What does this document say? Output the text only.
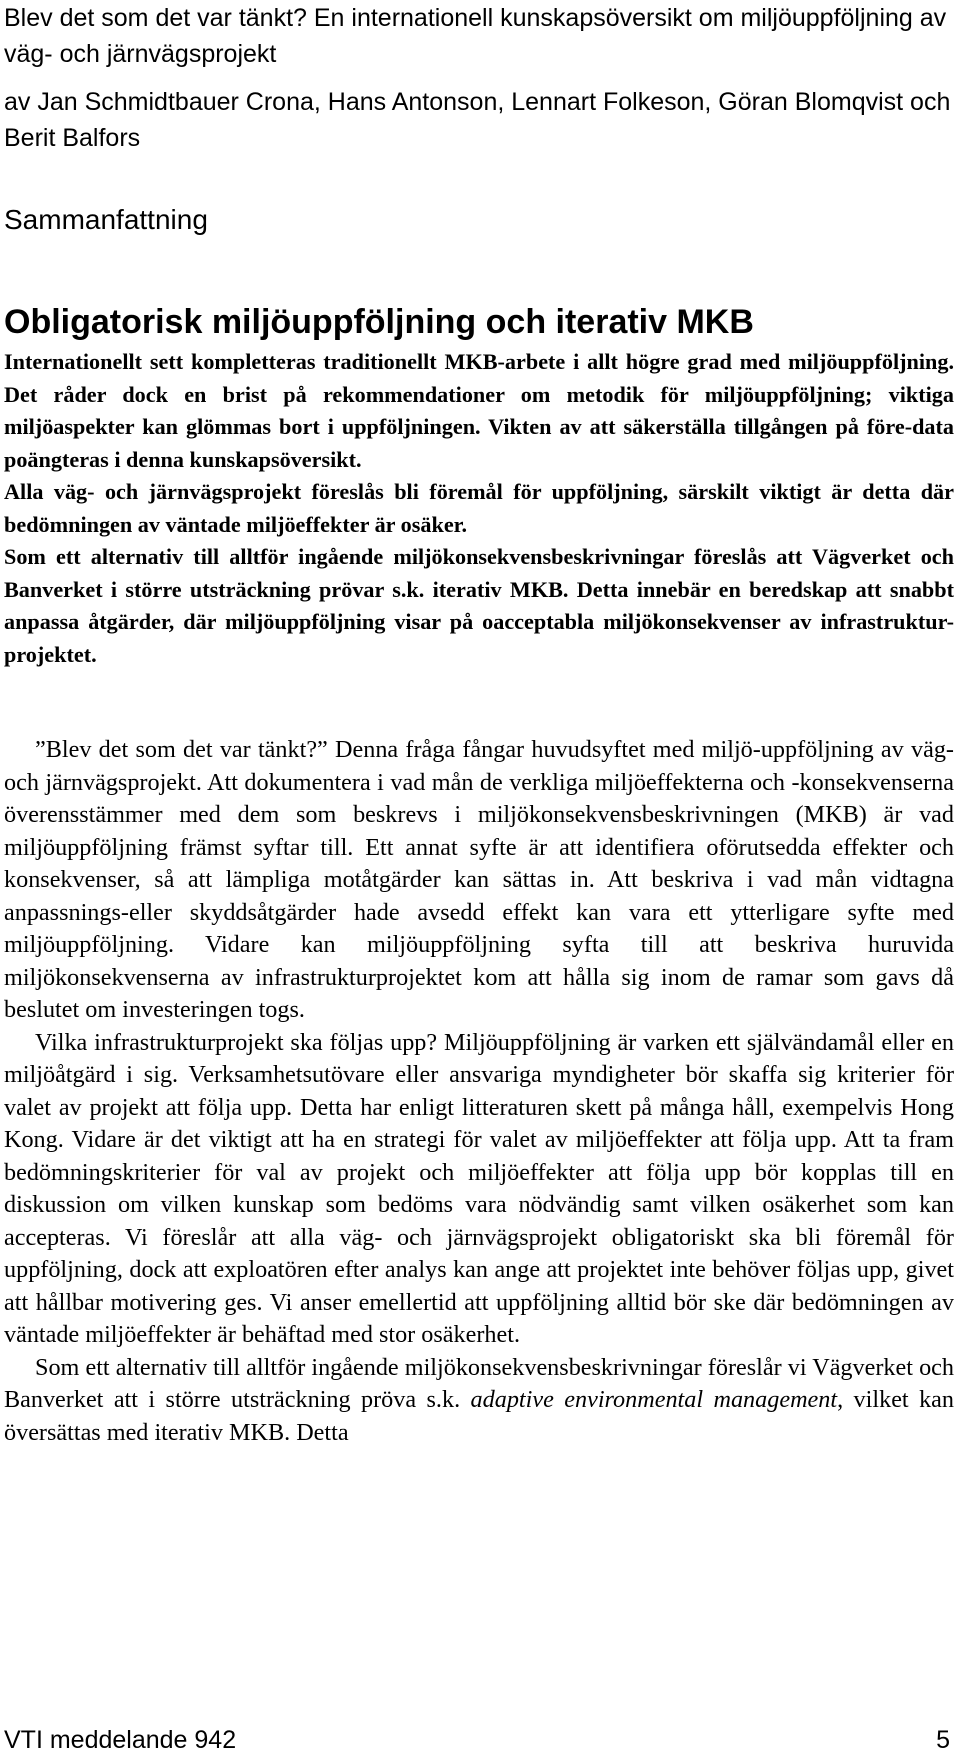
Blev det som det var tänkt? En internationell kunskapsöversikt om miljöuppföljning av väg- och järnvägsprojekt
av Jan Schmidtbauer Crona, Hans Antonson, Lennart Folkeson, Göran Blomqvist och Berit Balfors
Sammanfattning
Obligatorisk miljöuppföljning och iterativ MKB

Internationellt sett kompletteras traditionellt MKB-arbete i allt högre grad med miljöuppföljning. Det råder dock en brist på rekommendationer om metodik för miljöuppföljning; viktiga miljöaspekter kan glömmas bort i uppföljningen. Vikten av att säkerställa tillgången på före-data poängteras i denna kunskapsöversikt.

Alla väg- och järnvägsprojekt föreslås bli föremål för uppföljning, särskilt viktigt är detta där bedömningen av väntade miljöeffekter är osäker.

Som ett alternativ till alltför ingående miljökonsekvensbeskrivningar föreslås att Vägverket och Banverket i större utsträckning prövar s.k. iterativ MKB. Detta innebär en beredskap att snabbt anpassa åtgärder, där miljöuppföljning visar på oacceptabla miljökonsekvenser av infrastruktur-projektet.

”Blev det som det var tänkt?” Denna fråga fångar huvudsyftet med miljö-uppföljning av väg- och järnvägsprojekt. Att dokumentera i vad mån de verkliga miljöeffekterna och -konsekvenserna överensstämmer med dem som beskrevs i miljökonsekvensbeskrivningen (MKB) är vad miljöuppföljning främst syftar till. Ett annat syfte är att identifiera oförutsedda effekter och konsekvenser, så att lämpliga motåtgärder kan sättas in. Att beskriva i vad mån vidtagna anpassnings-eller skyddsåtgärder hade avsedd effekt kan vara ett ytterligare syfte med miljöuppföljning. Vidare kan miljöuppföljning syfta till att beskriva huruvida miljökonsekvenserna av infrastrukturprojektet kom att hålla sig inom de ramar som gavs då beslutet om investeringen togs.

Vilka infrastrukturprojekt ska följas upp? Miljöuppföljning är varken ett självändamål eller en miljöåtgärd i sig. Verksamhetsutövare eller ansvariga myndigheter bör skaffa sig kriterier för valet av projekt att följa upp. Detta har enligt litteraturen skett på många håll, exempelvis Hong Kong. Vidare är det viktigt att ha en strategi för valet av miljöeffekter att följa upp. Att ta fram bedömningskriterier för val av projekt och miljöeffekter att följa upp bör kopplas till en diskussion om vilken kunskap som bedöms vara nödvändig samt vilken osäkerhet som kan accepteras. Vi föreslår att alla väg- och järnvägsprojekt obligatoriskt ska bli föremål för uppföljning, dock att exploatören efter analys kan ange att projektet inte behöver följas upp, givet att hållbar motivering ges. Vi anser emellertid att uppföljning alltid bör ske där bedömningen av väntade miljöeffekter är behäftad med stor osäkerhet.

Som ett alternativ till alltför ingående miljökonsekvensbeskrivningar föreslår vi Vägverket och Banverket att i större utsträckning pröva s.k. adaptive environmental management, vilket kan översättas med iterativ MKB. Detta

VTI meddelande 942	5
